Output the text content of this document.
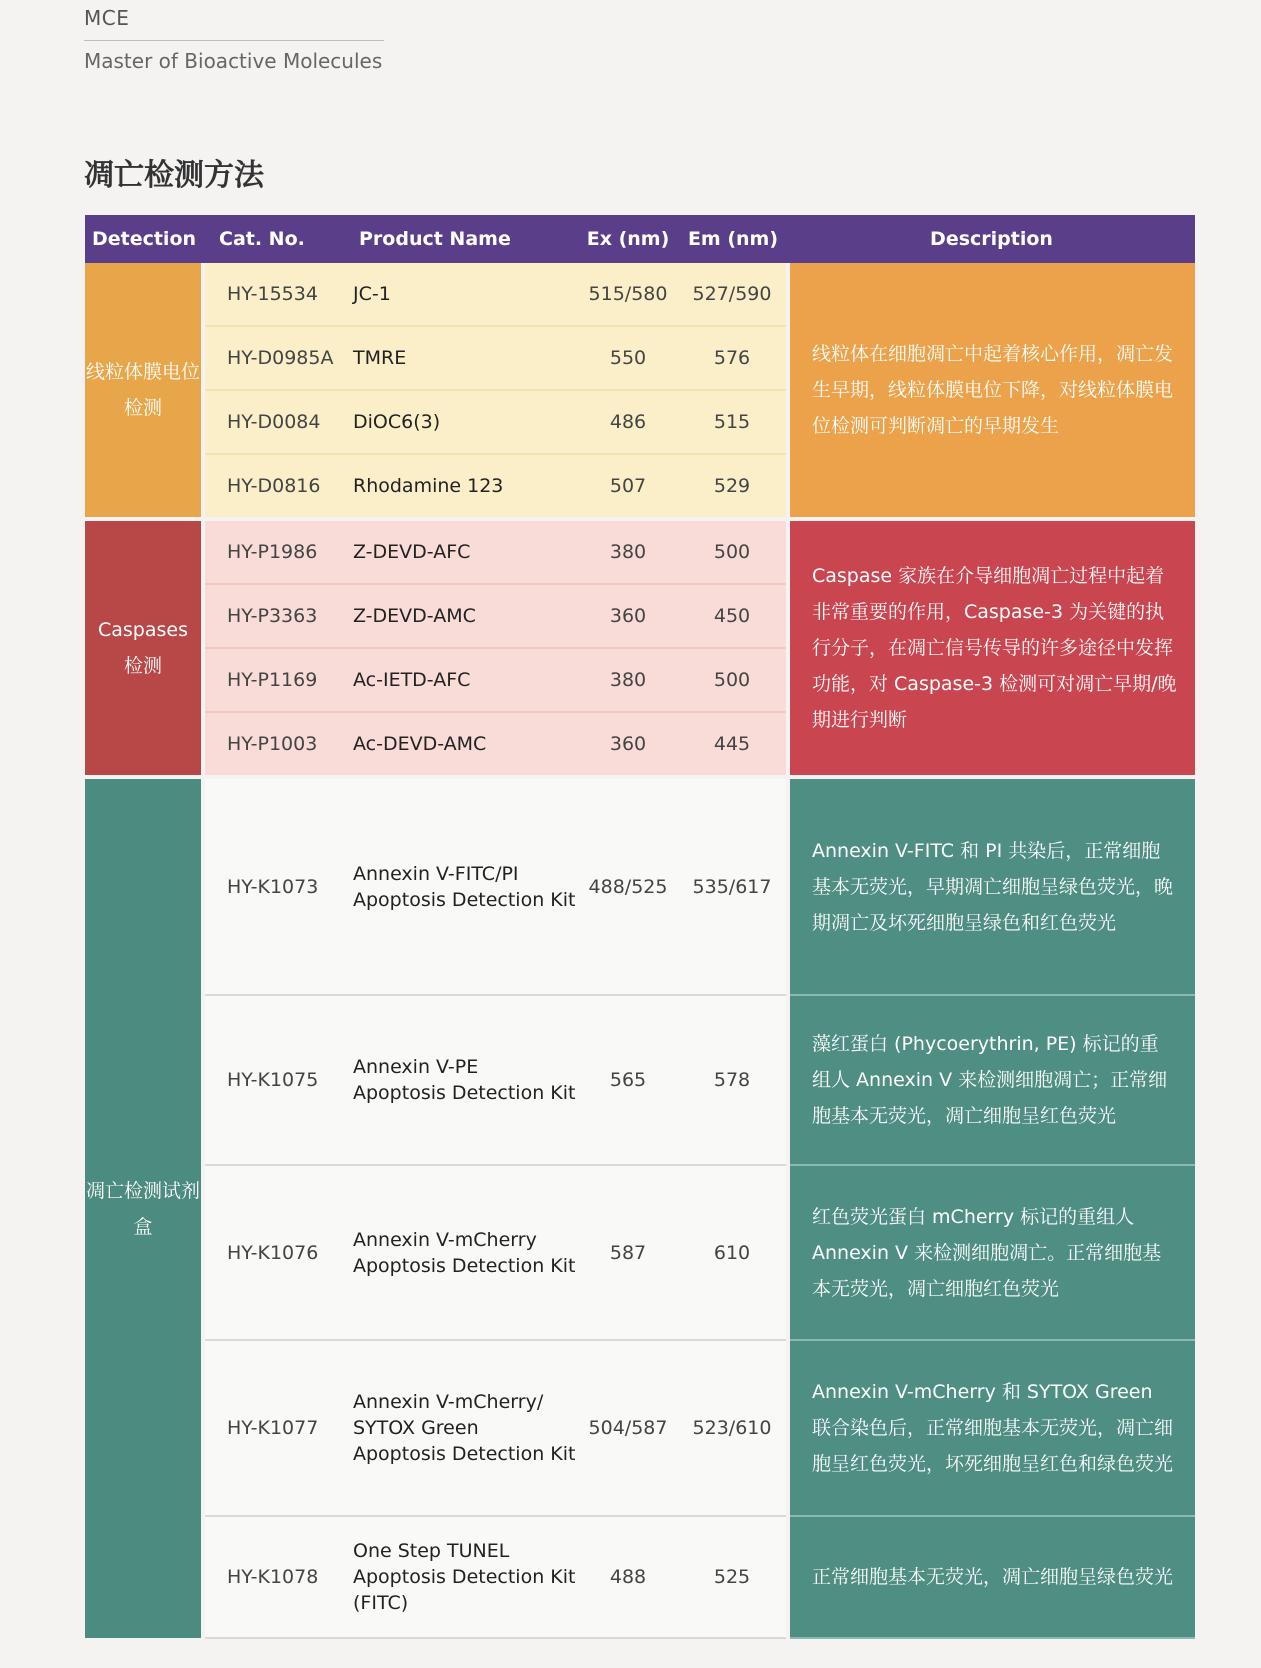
MCE
Master of Bioactive Molecules
凋亡检测方法
Detection	Cat. No.	Product Name	Ex (nm)	Em (nm)	Description
线粒体膜电位检测	HY-15534	JC-1	515/580	527/590	线粒体在细胞凋亡中起着核心作用，凋亡发生早期，线粒体膜电位下降，对线粒体膜电位检测可判断凋亡的早期发生
	HY-D0985A	TMRE	550	576	
	HY-D0084	DiOC6(3)	486	515	
	HY-D0816	Rhodamine 123	507	529	
Caspases 检测	HY-P1986	Z-DEVD-AFC	380	500	Caspase 家族在介导细胞凋亡过程中起着非常重要的作用，Caspase-3 为关键的执行分子，在凋亡信号传导的许多途径中发挥功能，对 Caspase-3 检测可对凋亡早期/晚期进行判断
	HY-P3363	Z-DEVD-AMC	360	450	
	HY-P1169	Ac-IETD-AFC	380	500	
	HY-P1003	Ac-DEVD-AMC	360	445	
凋亡检测试剂盒	HY-K1073	Annexin V-FITC/PI Apoptosis Detection Kit	488/525	535/617	Annexin V-FITC 和 PI 共染后，正常细胞基本无荧光，早期凋亡细胞呈绿色荧光，晚期凋亡及坏死细胞呈绿色和红色荧光
	HY-K1075	Annexin V-PE Apoptosis Detection Kit	565	578	藻红蛋白 (Phycoerythrin, PE) 标记的重组人 Annexin V 来检测细胞凋亡；正常细胞基本无荧光，凋亡细胞呈红色荧光
	HY-K1076	Annexin V-mCherry Apoptosis Detection Kit	587	610	红色荧光蛋白 mCherry 标记的重组人 Annexin V 来检测细胞凋亡。正常细胞基本无荧光，凋亡细胞红色荧光
	HY-K1077	Annexin V-mCherry/ SYTOX Green Apoptosis Detection Kit	504/587	523/610	Annexin V-mCherry 和 SYTOX Green 联合染色后，正常细胞基本无荧光，凋亡细胞呈红色荧光，坏死细胞呈红色和绿色荧光
	HY-K1078	One Step TUNEL Apoptosis Detection Kit (FITC)	488	525	正常细胞基本无荧光，凋亡细胞呈绿色荧光
